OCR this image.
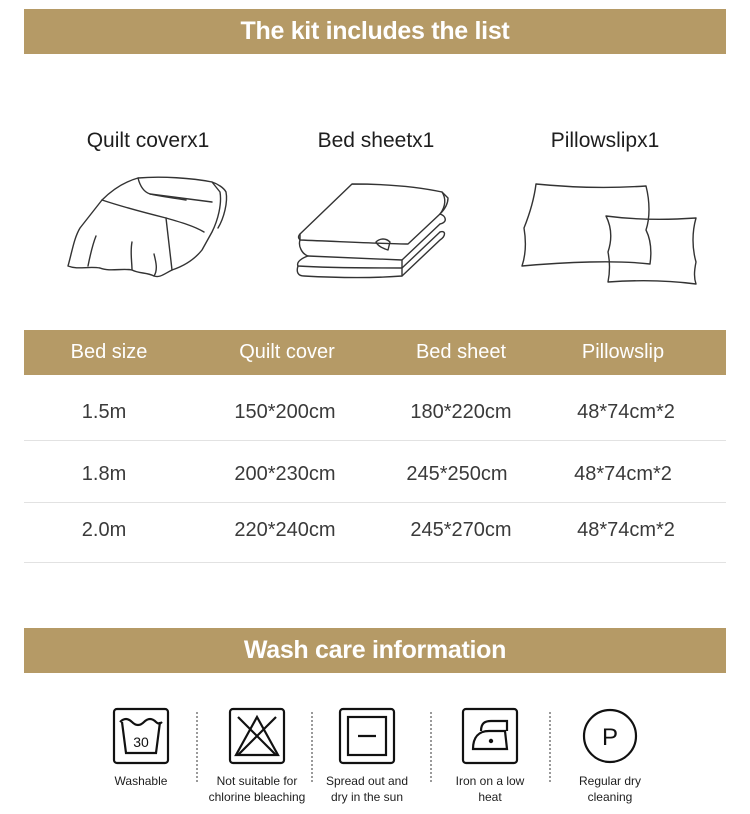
The kit includes the list
Quilt coverx1	Bed sheetx1	Pillowslipx1
Bed size	Quilt cover	Bed sheet	Pillowslip
1.5m	150*200cm	180*220cm	48*74cm*2
1.8m	200*230cm	245*250cm	48*74cm*2
2.0m	220*240cm	245*270cm	48*74cm*2
Wash care information
30
Washable	Not suitable for
chlorine bleaching
Spread out and
dry in the sun
Iron on a low
heat
P
Regular dry
cleaning
